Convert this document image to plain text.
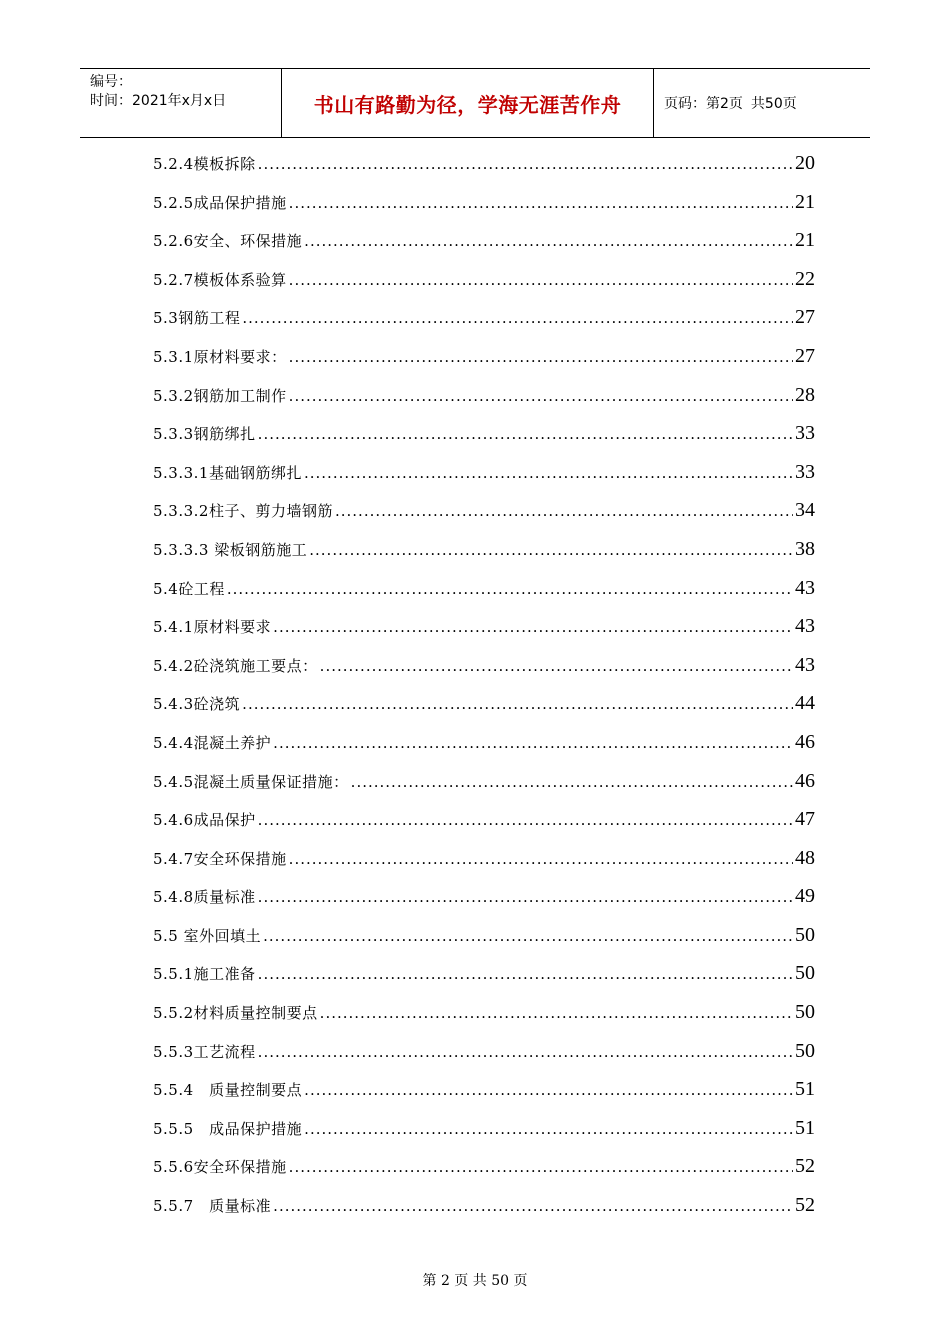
编号：
时间：2021年x月x日	书山有路勤为径，学海无涯苦作舟	页码：第2页 共50页
5.2.4模板拆除 .....	20
5.2.5成品保护措施 .....	21
5.2.6安全、环保措施 .....	21
5.2.7模板体系验算 .....	22
5.3钢筋工程 .....	27
5.3.1原材料要求： .....	27
5.3.2钢筋加工制作 .....	28
5.3.3钢筋绑扎 .....	33
5.3.3.1基础钢筋绑扎 .....	33
5.3.3.2柱子、剪力墙钢筋 .....	34
5.3.3.3 梁板钢筋施工 .....	38
5.4砼工程 .....	43
5.4.1原材料要求 .....	43
5.4.2砼浇筑施工要点： .....	43
5.4.3砼浇筑 .....	44
5.4.4混凝土养护 .....	46
5.4.5混凝土质量保证措施： .....	46
5.4.6成品保护 .....	47
5.4.7安全环保措施 .....	48
5.4.8质量标准 .....	49
5.5 室外回填土 .....	50
5.5.1施工准备 .....	50
5.5.2材料质量控制要点 .....	50
5.5.3工艺流程 .....	50
5.5.4　质量控制要点 .....	51
5.5.5　成品保护措施 .....	51
5.5.6安全环保措施 .....	52
5.5.7　质量标准 .....	52
第 2 页 共 50 页
